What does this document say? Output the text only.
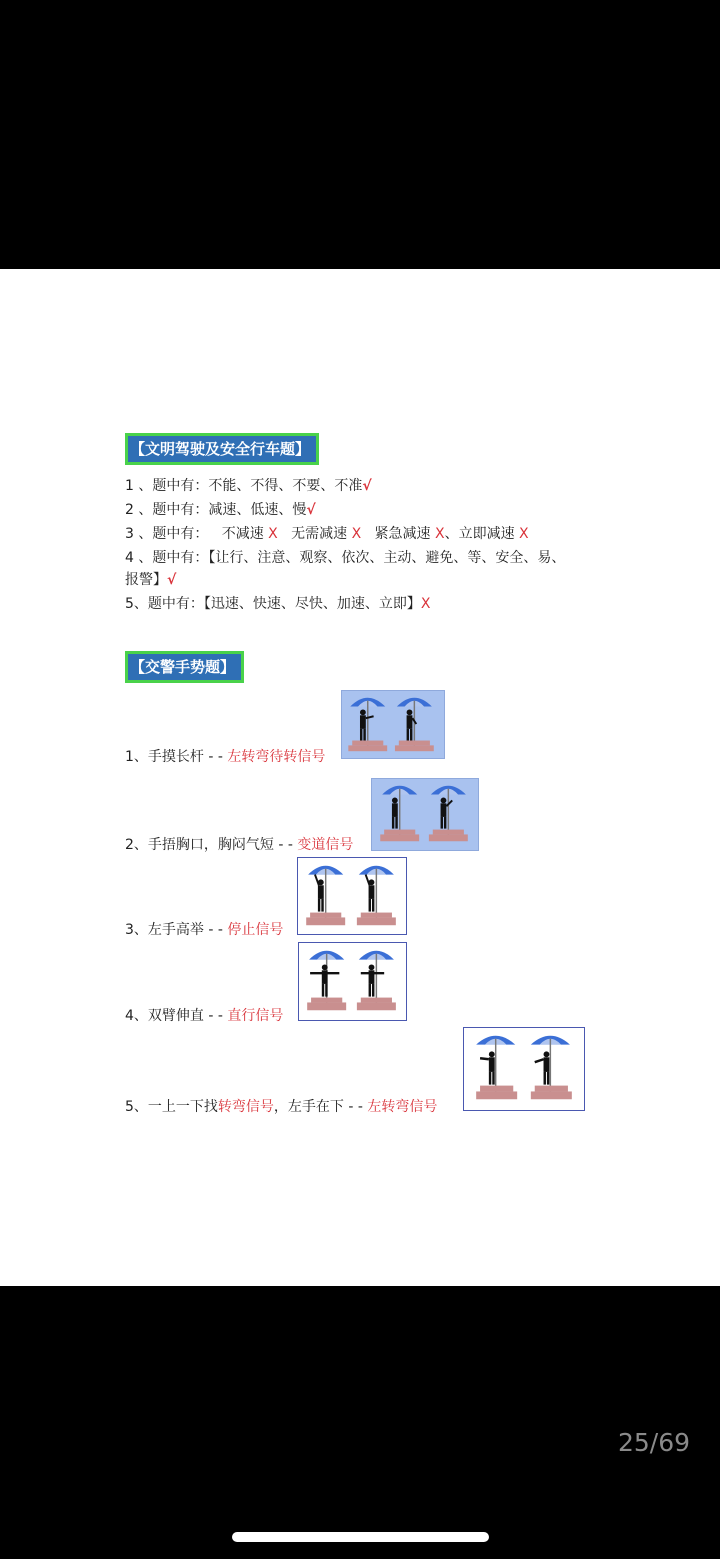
【文明驾驶及安全行车题】
1 、题中有：不能、不得、不要、不准√
2 、题中有：减速、低速、慢√
3 、题中有：   不减速 X   无需减速 X   紧急减速 X、立即减速 X
4 、题中有：【让行、注意、观察、依次、主动、避免、等、安全、易、
报警】√
5、题中有：【迅速、快速、尽快、加速、立即】X
【交警手势题】
1、手摸长杆 - - 左转弯待转信号
2、手捂胸口，胸闷气短 - - 变道信号
3、左手高举 - - 停止信号
4、双臂伸直 - - 直行信号
5、一上一下找转弯信号，左手在下 - - 左转弯信号
25/69
